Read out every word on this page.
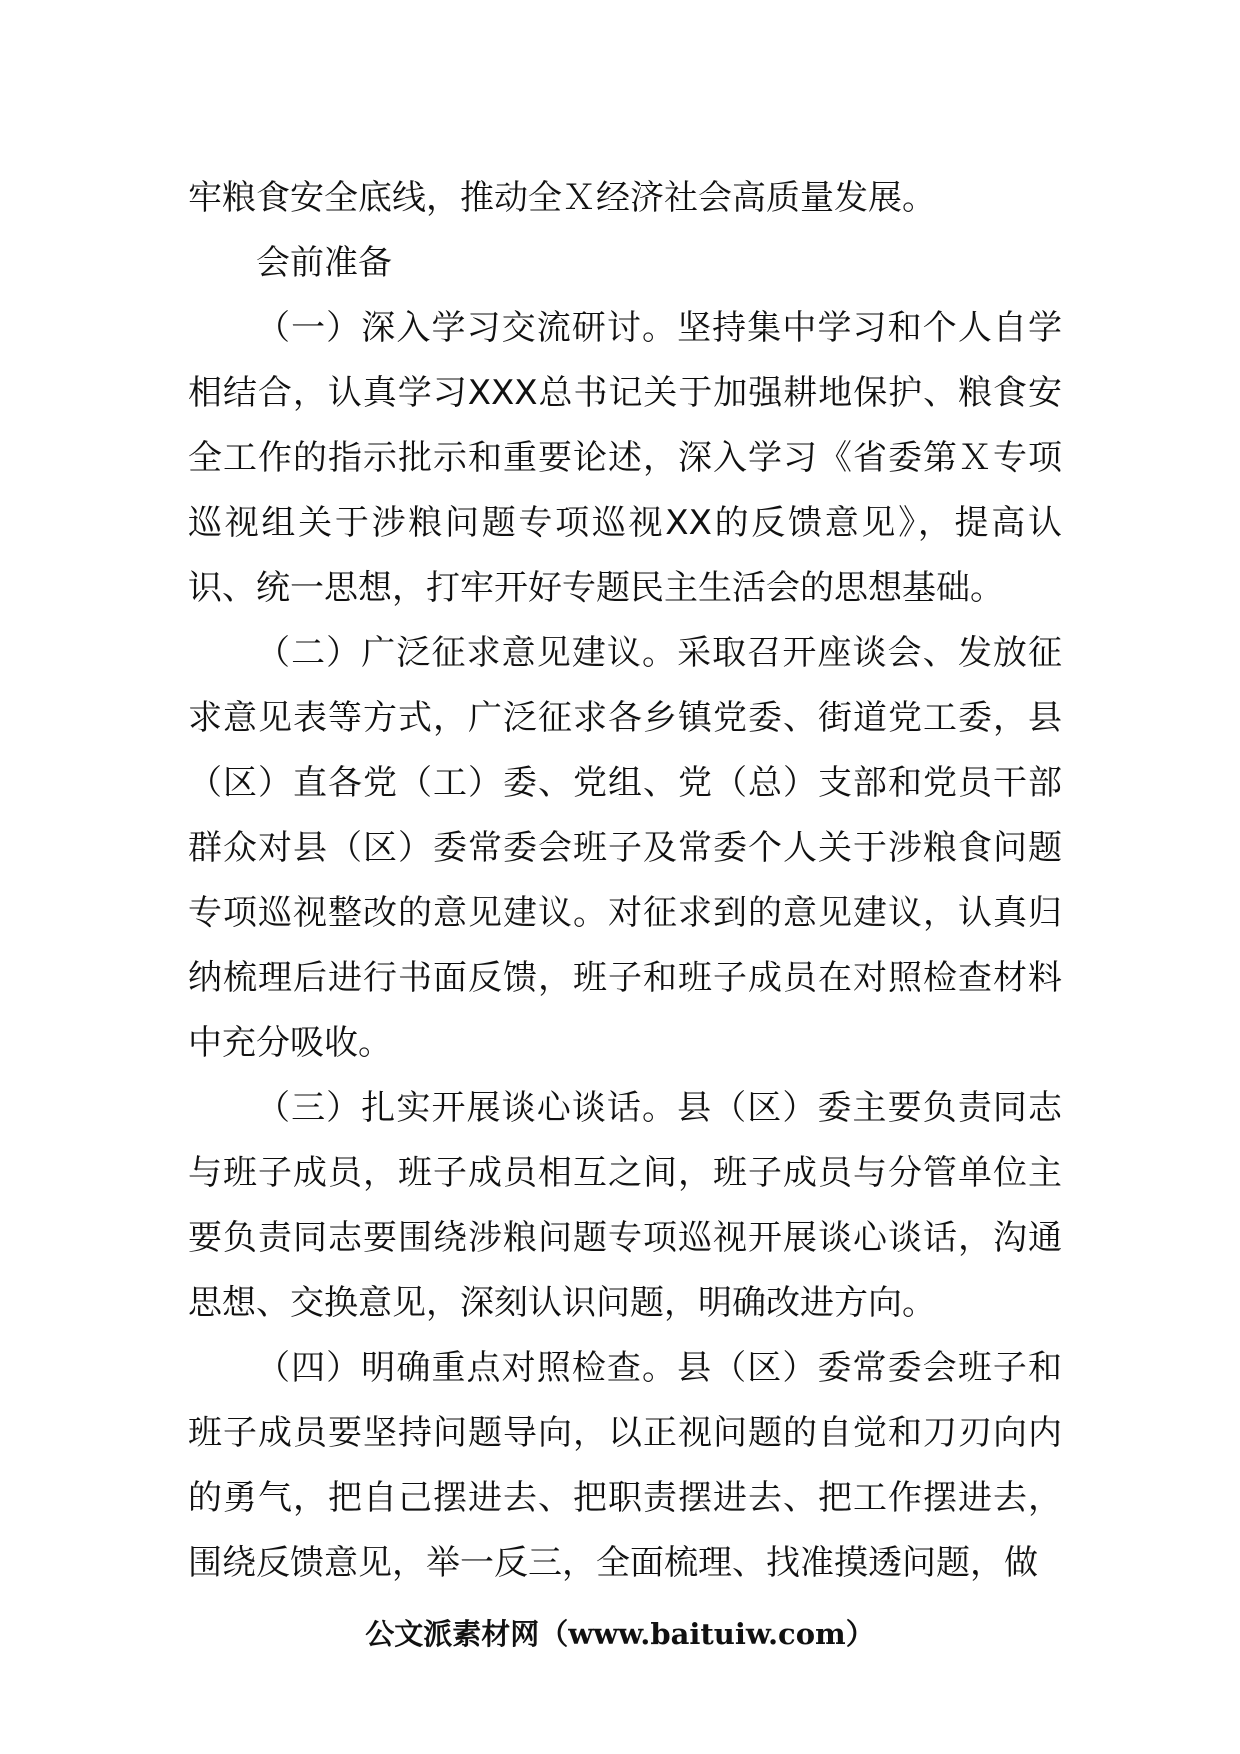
牢粮食安全底线，推动全Ｘ经济社会高质量发展。

会前准备

（一）深入学习交流研讨。坚持集中学习和个人自学相结合，认真学习XXX总书记关于加强耕地保护、粮食安全工作的指示批示和重要论述，深入学习《省委第Ｘ专项巡视组关于涉粮问题专项巡视XX的反馈意见》，提高认识、统一思想，打牢开好专题民主生活会的思想基础。

（二）广泛征求意见建议。采取召开座谈会、发放征求意见表等方式，广泛征求各乡镇党委、街道党工委，县（区）直各党（工）委、党组、党（总）支部和党员干部群众对县（区）委常委会班子及常委个人关于涉粮食问题专项巡视整改的意见建议。对征求到的意见建议，认真归纳梳理后进行书面反馈，班子和班子成员在对照检查材料中充分吸收。

（三）扎实开展谈心谈话。县（区）委主要负责同志与班子成员，班子成员相互之间，班子成员与分管单位主要负责同志要围绕涉粮问题专项巡视开展谈心谈话，沟通思想、交换意见，深刻认识问题，明确改进方向。

（四）明确重点对照检查。县（区）委常委会班子和班子成员要坚持问题导向，以正视问题的自觉和刀刃向内的勇气，把自己摆进去、把职责摆进去、把工作摆进去，围绕反馈意见，举一反三，全面梳理、找准摸透问题，做

公文派素材网（www.baituiw.com）
